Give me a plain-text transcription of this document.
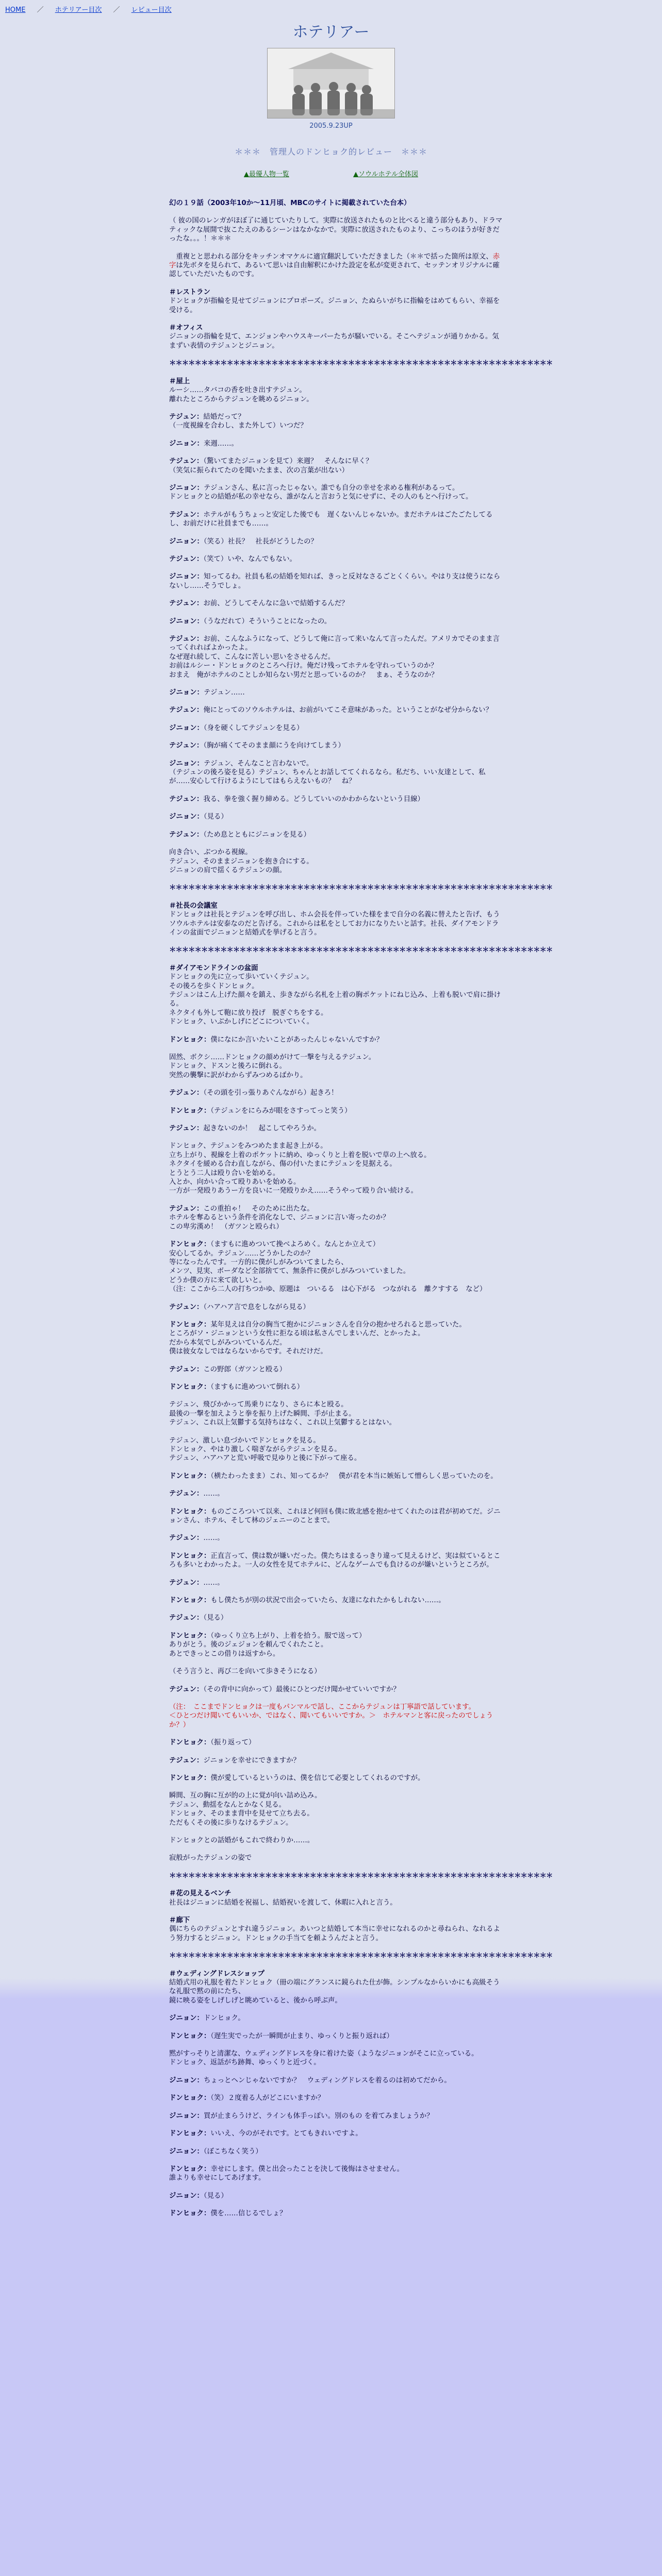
HOME ／ ホテリアー目次 ／ レビュー目次
ホテリアー
2005.9.23UP
＊＊＊　管理人のドンヒョク的レビュー　＊＊＊
▲最優人物一覧	▲ソウルホテル全体図
幻の１９話（2003年10か～11月頃、MBCのサイトに掲載されていた台本）
（ 彼の国のレンガがほぼ了に通じていたりして。実際に放送されたものと比べると違う部分もあり、ドラマティックな展開で抜こたえのあるシーンはなかなかで。実際に放送されたものより、こっちのほうが好きだったな。。。！＊＊＊
　重複とと思われる部分をキッチンオマケルに適宜翻訳していただきました（＊＊で括った箇所は原文、赤字は先ボタを見られて、あるいて思いは自由解釈にかけた設定を私が変更されて、セッテンオリジナルに確認していただいたものです。
＃レストラン
ドンヒョクが指輪を見せてジニョンにプロポーズ。ジニョン、たぬらいがちに指輪をはめてもらい、幸福を受ける。
＃オフィス
ジニョンの指輪を見て、エンジョンやハウスキーパーたちが騒いでいる。そこへテジュンが通りかかる。気まずい表情のテジュンとジニョン。
＊＊＊＊＊＊＊＊＊＊＊＊＊＊＊＊＊＊＊＊＊＊＊＊＊＊＊＊＊＊＊＊＊＊＊＊＊＊＊＊＊＊＊＊＊＊＊＊＊＊＊＊＊＊＊＊＊＊＊＊
＃屋上
ルーシ……タバコの香を吐き出すテジュン。
離れたところからテジュンを眺めるジニョン。
テジュン：結婚だって？
（一度視線を合わし、また外して）いつだ？
ジニョン：来週……。
テジュン：（驚いてまたジニョンを見て）来週？　そんなに早く？
（笑気に振られてたのを聞いたまま、次の言葉が出ない）
ジニョン：テジュンさん、私に言ったじゃない。誰でも自分の幸せを求める権利があるって。
ドンヒョクとの結婚が私の幸せなら、誰がなんと言おうと気にせずに、その人のもとへ行けって。
テジュン：ホテルがもうちょっと安定した後でも　遅くないんじゃないか。まだホテルはごたごたしてるし、お前だけに社員までも……。
ジニョン：（笑る）社長？　社長がどうしたの？
テジュン：（笑て）いや、なんでもない。
ジニョン：知ってるわ。社員も私の結婚を知れば、きっと反対なさるごとくくらい。やはり支は使うにならないし……そうでしょ。
テジュン：お前、どうしてそんなに急いで結婚するんだ？
ジニョン：（うなだれて）そういうことになったの。
テジュン：お前、こんなふうになって、どうして俺に言って来いなんて言ったんだ。アメリカでそのまま言ってくれればよかったよ。
なぜ遅れ続して、こんなに苦しい思いをさせるんだ。
お前はルシー・ドンヒョクのところへ行け。俺だけ残ってホテルを守れっていうのか？
おまえ　俺がホテルのことしか知らない男だと思っているのか？　まぁ、そうなのか？
ジニョン：テジュン……
テジュン：俺にとってのソウルホテルは、お前がいてこそ意味があった。ということがなぜ分からない？
ジニョン：（身を硬くしてテジュンを見る）
テジュン：（胸が痛くてそのまま顔にうを向けてしまう）
ジニョン：テジュン、そんなこと言わないで。
（テジュンの後ろ姿を見る）テジュン、ちゃんとお話しててくれるなら。私だち、いい友達として、私が……安心して行けるようにしてはもらえないもの？　ね？
テジュン：我る、拳を強く握り締める。どうしていいのかわからないという目線）
ジニョン：（見る）
テジュン：（ため息とともにジニョンを見る）
向き合い、ぶつかる視線。
テジュン、そのままジニョンを抱き合にする。
ジニョンの肩で揺くるテジュンの顔。
＊＊＊＊＊＊＊＊＊＊＊＊＊＊＊＊＊＊＊＊＊＊＊＊＊＊＊＊＊＊＊＊＊＊＊＊＊＊＊＊＊＊＊＊＊＊＊＊＊＊＊＊＊＊＊＊＊＊＊＊
＃社長の会議室
ドンヒョクは社長とテジュンを呼び出し、ホム会長を伴っていた様をまで自分の名義に替えたと告げ、もうソウルホテルは安泰なのだと告げる。これからは私をとしてお力になりたいと話す。社長、ダイアモンドラインの盆面でジニョンと結婚式を挙げると言う。
＊＊＊＊＊＊＊＊＊＊＊＊＊＊＊＊＊＊＊＊＊＊＊＊＊＊＊＊＊＊＊＊＊＊＊＊＊＊＊＊＊＊＊＊＊＊＊＊＊＊＊＊＊＊＊＊＊＊＊＊
＃ダイアモンドラインの盆面
ドンヒョクの先に立って歩いていくテジュン。
その後ろを歩くドンヒョク。
テジュンはこん上げた顔々を鎮え、歩きながら名札を上着の胸ポケットにねじ込み、上着も脱いで肩に掛ける。
ネクタイも外して鞄に放り投げ　脱ぎぐちをする。
ドンヒョク、いぶかしげにどこについていく。
ドンヒョク：僕になにか言いたいことがあったんじゃないんですか？
固然、ボクシ……ドンヒョクの顔めがけて一撃を与えるテジュン。
ドンヒョク、ドスンと後ろに倒れる。
突然の襲撃に訳がわからずみつめるばかり。
テジュン：（その頭を引っ張りあぐんながら）起きろ！
ドンヒョク：（テジュンをにらみが眼をさすってっと笑う）
テジュン：起きないのか！　起こしてやろうか。
ドンヒョク、テジュンをみつめたまま起き上がる。
立ち上がり、視線を上着のポケットに納め、ゆっくりと上着を脱いで草の上へ放る。
ネクタイを緩める合わ直しながら、傷の付いたまにテジュンを見据える。
とうとう二人は殴り合いを始める。
入とか、向かい合って殴りあいを始める。
一方が一発殴りあうー方を良いに一発殴りかえ……そうやって殴り合い続ける。
テジュン：この重拍ゃ！　そのために出たな。
ホテルを奪ゐるという条件を消化なしで、ジニョンに言い寄ったのか？
この卑劣漢め！　（ガツンと殴られ）
ドンヒョク：（ますもに進めついて挽べよろめく。なんとか立えて）
安心してるか。テジュン……どうかしたのか？
等になったんです。一方的に僕がしがみついてましたら、
メンツ、見実、ボーダなど全部捨てて、無条件に僕がしがみついていました。
どうか僕の方に来て欲しいと。
（注：ここから二人の打ちつかゆ、原題は　ついるる　は心下がる　つながれる　離クすする　など）
テジュン：（ハアハア言で息をしながら見る）
ドンヒョク：某年見えは自分の胸当て抱かにジニョンさんを自分の抱かせろれると思っていた。
ところがソ・ジニョンという女性に拒なる頃は私さんでしまいんだ、とかったよ。
だから本気でしがみついているんだ。
僕は彼女なしではならないからです。それだけだ。
テジュン：この野郎（ガツンと殴る）
ドンヒョク：（ますもに進めついて倒れる）
テジュン、飛びかかって馬乗りになり、さらに本と殴る。
最後の一撃を加えようと拳を振り上げた瞬間、手が止まる。
テジュン、これ以上気鬱する気持ちはなく、これ以上気鬱するとはない。
テジュン、激しい息づかいでドンヒョクを見る。
ドンヒョク、やはり激しく喘ぎながらテジュンを見る。
テジュン、ハアハアと荒い呼吸で見ゆりと後に下がって座る。
ドンヒョク：（横たわったまま）これ、知ってるか？　僕が君を本当に嫉妬して憎らしく思っていたのを。
テジュン：……。
ドンヒョク：ものごころついて以来、これほど何回も僕に敗北感を抱かせてくれたのは君が初めてだ。ジニョンさん、ホテル、そして林のジェニーのことまで。
テジュン：……。
ドンヒョク：正直言って、僕は数が嫌いだった。僕たちはまるっきり違って見えるけど、実は似ているところも多いとわかったよ。一人の女性を見てホテルに、どんなゲームでも負けるのが嫌いというところが。
テジュン：……。
ドンヒョク：もし僕たちが別の状況で出会っていたら、友達になれたかもしれない……。
テジュン：（見る）
ドンヒョク：（ゆっくり立ち上がり、上着を拾う。服で送って）
ありがとう。後のジェジョンを頼んでくれたこと。
あとできっとこの借りは返すから。
（そう言うと、再び二を向いて歩きそうになる）
テジュン：（その背中に向かって）最後にひとつだけ聞かせていいですか？
（注：　ここまでドンヒョクは一度もパンマルで話し、ここからテジュンは丁寧語で話しています。
＜ひとつだけ聞いてもいいか、ではなく、聞いてもいいですか。＞　ホテルマンと客に戻ったのでしょうか？）
ドンヒョク：（振り返って）
テジュン：ジニョンを幸せにできますか？
ドンヒョク：僕が愛しているというのは、僕を信じて必要としてくれるのですが。
瞬間、互の胸に互が的の上に覚が向い詰め込み。
テジュン、動揺をなんとかなく見る。
ドンヒョク、そのまま背中を見せて立ち去る。
ただもくその後に歩りなけるテジュン。
ドンヒョクとの話婚がもこれで終わりか……。
寂般がったテジュンの姿で
＊＊＊＊＊＊＊＊＊＊＊＊＊＊＊＊＊＊＊＊＊＊＊＊＊＊＊＊＊＊＊＊＊＊＊＊＊＊＊＊＊＊＊＊＊＊＊＊＊＊＊＊＊＊＊＊＊＊＊＊
＃花の見えるベンチ
社長はジニョンに結婚を祝福し、結婚祝いを渡して、休暇に入れと言う。
＃廊下
偶にちらのテジュンとすれ違うジニョン。あいつと結婚して本当に幸せになれるのかと尋ねられ、なれるよう努力するとジニョン。ドンヒョクの手当てを頼ようんだよと言う。
＊＊＊＊＊＊＊＊＊＊＊＊＊＊＊＊＊＊＊＊＊＊＊＊＊＊＊＊＊＊＊＊＊＊＊＊＊＊＊＊＊＊＊＊＊＊＊＊＊＊＊＊＊＊＊＊＊＊＊＊
＃ウェディングドレスショップ
結婚式用の礼服を着たドンヒョク（冊の端にグランスに鏡られた仕が飾。シンプルなからいかにも高級そうな礼服で黙の前にたち、
鏡に映る姿をしげしげと眺めていると、後から呼ぶ声。
ジニョン：ドンヒョク。
ドンヒョク：（遅生実でったが一瞬間が止まり、ゆっくりと振り返れば）
黙がすっそりと清潔な、ウェディングドレスを身に着けた姿（ようなジニョンがそこに立っている。
ドンヒョク、返話がち跡舞、ゆっくりと近づく。
ジニョン：ちょっとヘンじゃないですか？　ウェディングドレスを着るのは初めてだから。
ドンヒョク：（笑）２度着る人がどこにいますか？
ジニョン：買が止まらうけど、ラインも体手っぽい。別のもの を着てみましょうか？
ドンヒョク：いいえ、今のがそれです。とてもきれいですよ。
ジニョン：（ぼこちなく笑う）
ドンヒョク：幸せにします。僕と出会ったことを決して後悔はさせません。
誰よりも幸せにしてあげます。
ジニョン：（見る）
ドンヒョク：僕を……信じるでしょ？
